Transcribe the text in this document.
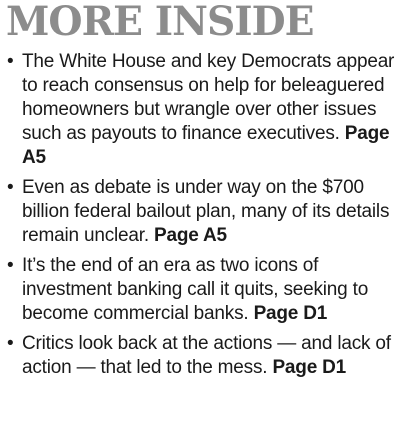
MORE INSIDE
• The White House and key Democrats appear to reach consensus on help for beleaguered homeowners but wrangle over other issues such as payouts to finance executives. Page A5
• Even as debate is under way on the $700 billion federal bailout plan, many of its details remain unclear. Page A5
• It’s the end of an era as two icons of investment banking call it quits, seeking to become commercial banks. Page D1
• Critics look back at the actions — and lack of action — that led to the mess. Page D1
